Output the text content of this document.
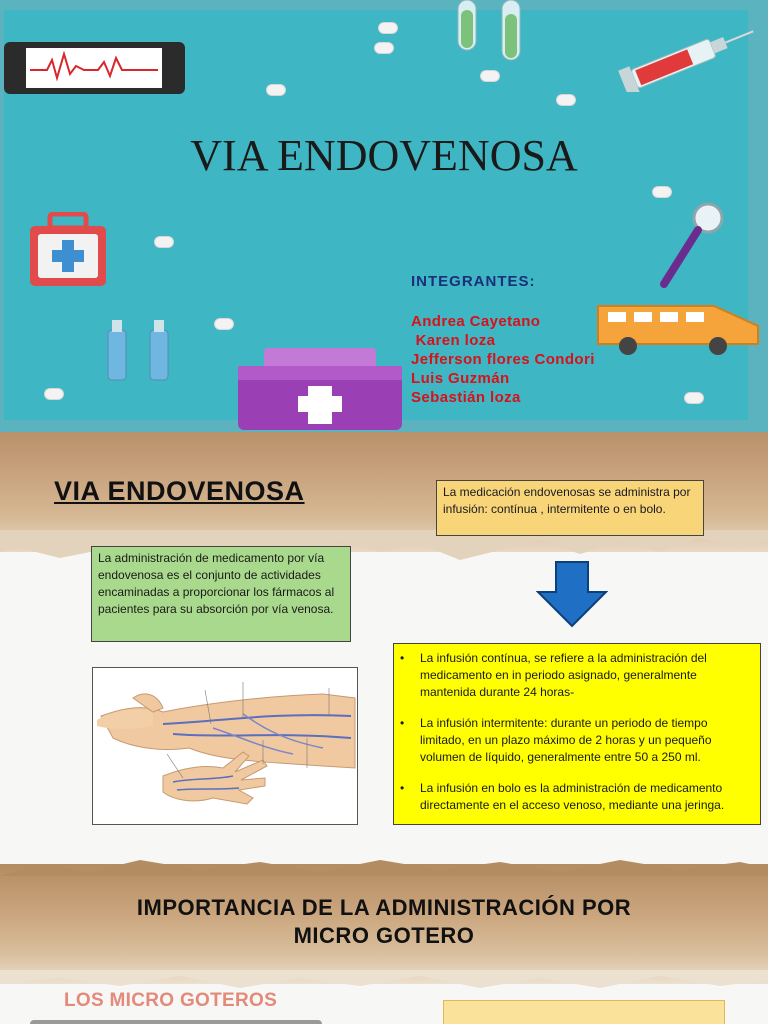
VIA ENDOVENOSA
INTEGRANTES:
Andrea Cayetano
Karen loza
Jefferson flores Condori
Luis Guzmán
Sebastián loza
VIA ENDOVENOSA	La medicación endovenosas se administra por infusión: contínua , intermitente o en bolo.
La administración de medicamento por vía endovenosa es el conjunto de actividades encaminadas a proporcionar los fármacos al pacientes para su absorción por vía venosa.
• La infusión contínua, se refiere a la administración del medicamento en in periodo asignado, generalmente mantenida durante 24 horas-
• La infusión intermitente: durante un periodo de tiempo limitado, en un plazo máximo de 2 horas y un pequeño volumen de líquido, generalmente entre 50 a 250 ml.
• La infusión en bolo es la administración de medicamento directamente en el acceso venoso, mediante una jeringa.
IMPORTANCIA DE LA ADMINISTRACIÓN POR
MICRO GOTERO
LOS MICRO GOTEROS
